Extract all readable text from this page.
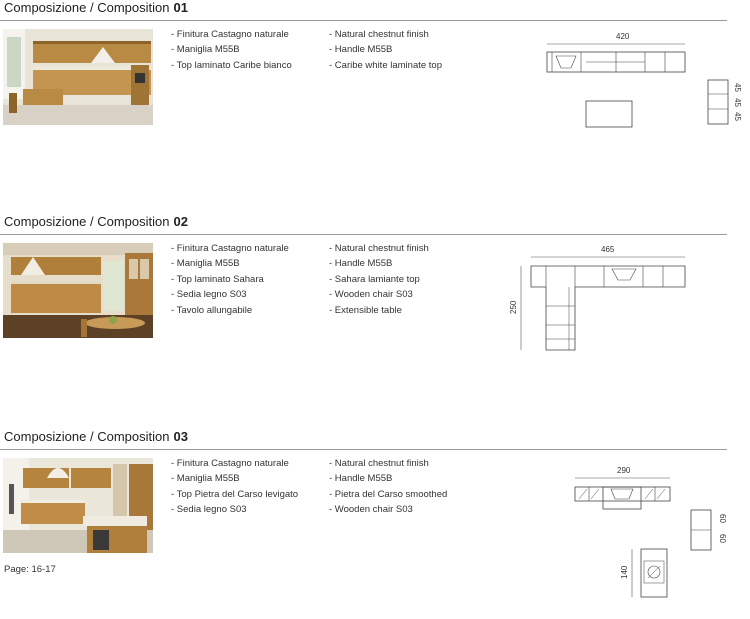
Composizione / Composition 01
- Finitura Castagno naturale
- Maniglia M55B
- Top laminato Caribe bianco
- Natural chestnut finish
- Handle M55B
- Caribe white laminate top
420
45
45
45
Composizione / Composition 02
- Finitura Castagno naturale
- Maniglia M55B
- Top laminato Sahara
- Sedia legno S03
- Tavolo allungabile
- Natural chestnut finish
- Handle M55B
- Sahara lamiante top
- Wooden chair S03
- Extensible table
465
250
Composizione / Composition 03
- Finitura Castagno naturale
- Maniglia M55B
- Top Pietra del Carso levigato
- Sedia legno S03
- Natural chestnut finish
- Handle M55B
- Pietra del Carso smoothed
- Wooden chair S03
290
60
60
140
Page: 16-17
